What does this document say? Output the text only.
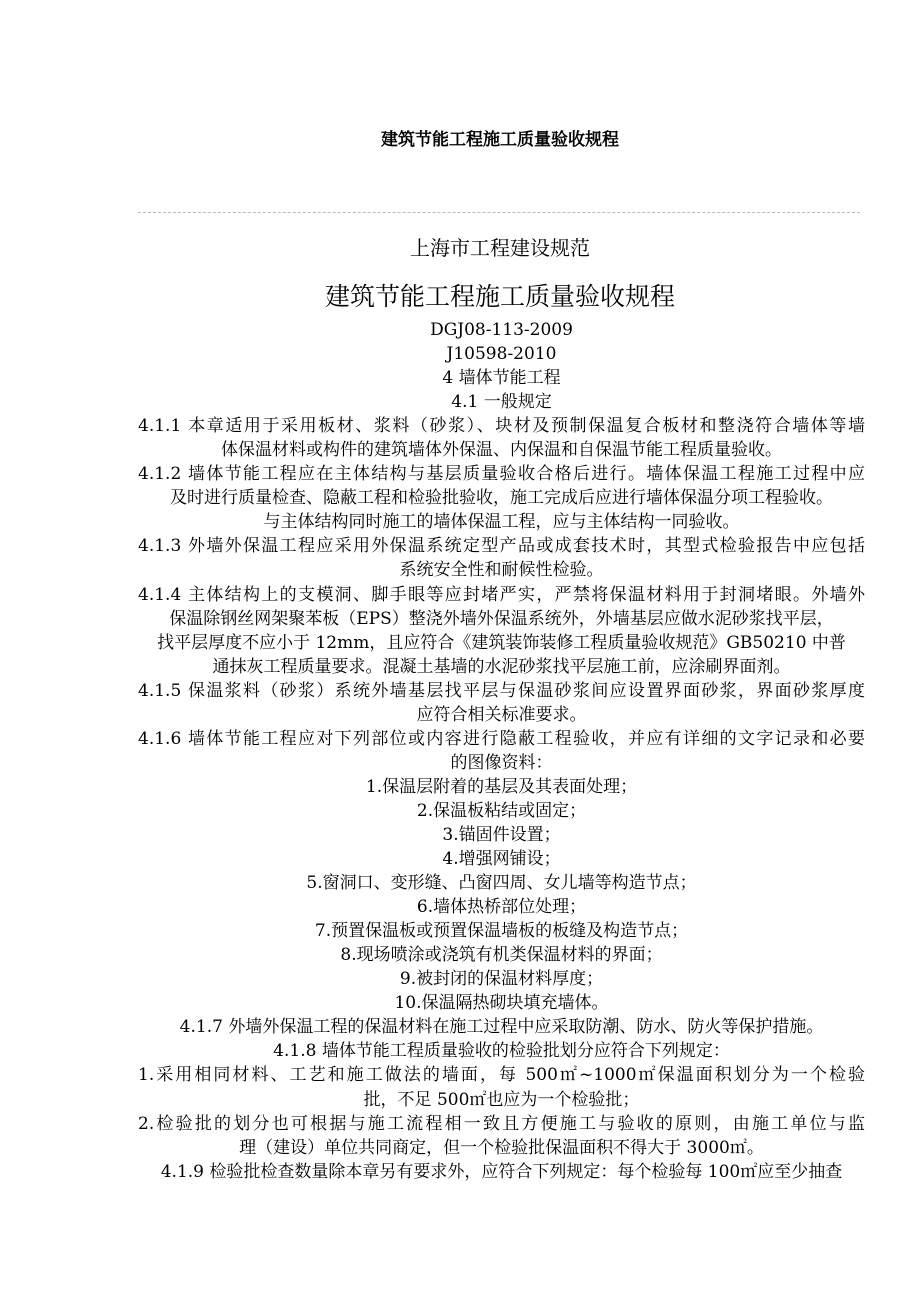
建筑节能工程施工质量验收规程
上海市工程建设规范
建筑节能工程施工质量验收规程
DGJ08-113-2009
J10598-2010
4 墙体节能工程
4.1 一般规定
4.1.1 本章适用于采用板材、浆料（砂浆）、块材及预制保温复合板材和整浇符合墙体等墙
体保温材料或构件的建筑墙体外保温、内保温和自保温节能工程质量验收。
4.1.2 墙体节能工程应在主体结构与基层质量验收合格后进行。墙体保温工程施工过程中应
及时进行质量检查、隐蔽工程和检验批验收，施工完成后应进行墙体保温分项工程验收。
与主体结构同时施工的墙体保温工程，应与主体结构一同验收。
4.1.3 外墙外保温工程应采用外保温系统定型产品或成套技术时，其型式检验报告中应包括
系统安全性和耐候性检验。
4.1.4 主体结构上的支模洞、脚手眼等应封堵严实，严禁将保温材料用于封洞堵眼。外墙外
保温除钢丝网架聚苯板（EPS）整浇外墙外保温系统外，外墙基层应做水泥砂浆找平层，
找平层厚度不应小于 12mm，且应符合《建筑装饰装修工程质量验收规范》GB50210 中普
通抹灰工程质量要求。混凝土基墙的水泥砂浆找平层施工前，应涂刷界面剂。
4.1.5 保温浆料（砂浆）系统外墙基层找平层与保温砂浆间应设置界面砂浆，界面砂浆厚度
应符合相关标准要求。
4.1.6 墙体节能工程应对下列部位或内容进行隐蔽工程验收，并应有详细的文字记录和必要
的图像资料：
1.保温层附着的基层及其表面处理；
2.保温板粘结或固定；
3.锚固件设置；
4.增强网铺设；
5.窗洞口、变形缝、凸窗四周、女儿墙等构造节点；
6.墙体热桥部位处理；
7.预置保温板或预置保温墙板的板缝及构造节点；
8.现场喷涂或浇筑有机类保温材料的界面；
9.被封闭的保温材料厚度；
10.保温隔热砌块填充墙体。
4.1.7 外墙外保温工程的保温材料在施工过程中应采取防潮、防水、防火等保护措施。
4.1.8 墙体节能工程质量验收的检验批划分应符合下列规定：
1.采用相同材料、工艺和施工做法的墙面，每 500㎡~1000㎡保温面积划分为一个检验
批，不足 500㎡也应为一个检验批；
2.检验批的划分也可根据与施工流程相一致且方便施工与验收的原则，由施工单位与监
理（建设）单位共同商定，但一个检验批保温面积不得大于 3000㎡。
4.1.9 检验批检查数量除本章另有要求外，应符合下列规定：每个检验每 100㎡应至少抽查
